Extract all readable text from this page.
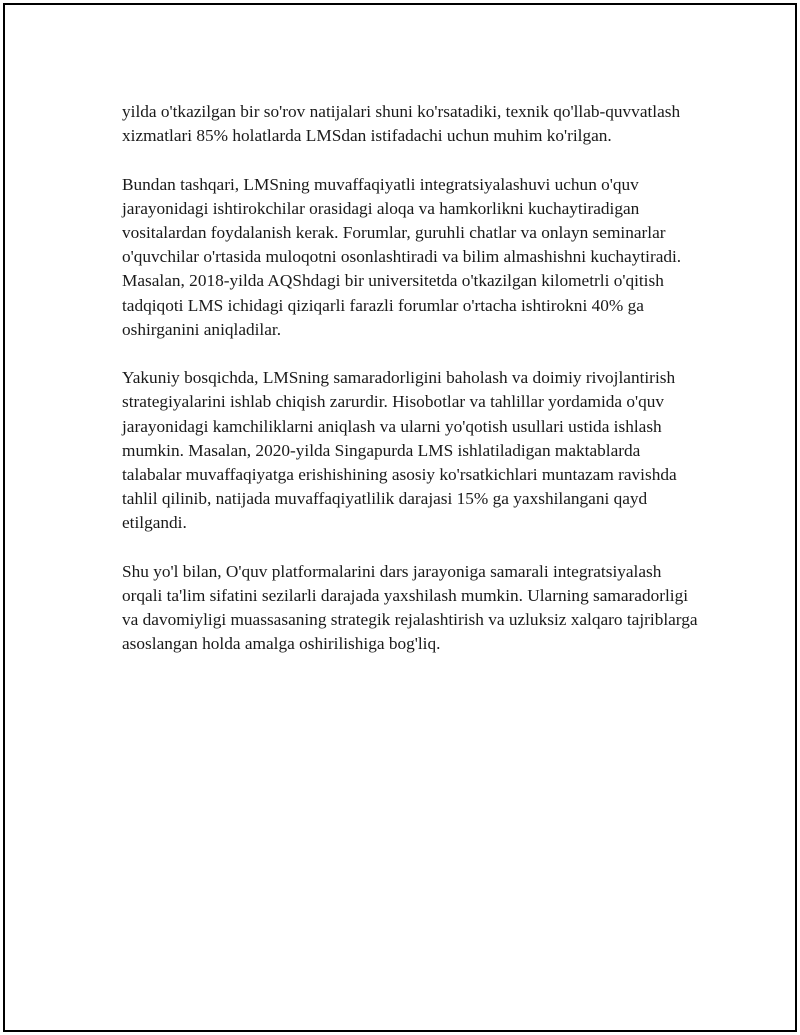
yilda o'tkazilgan bir so'rov natijalari shuni ko'rsatadiki, texnik qo'llab-quvvatlash xizmatlari 85% holatlarda LMSdan istifadachi uchun muhim ko'rilgan.

Bundan tashqari, LMSning muvaffaqiyatli integratsiyalashuvi uchun o'quv jarayonidagi ishtirokchilar orasidagi aloqa va hamkorlikni kuchaytiradigan vositalardan foydalanish kerak. Forumlar, guruhli chatlar va onlayn seminarlar o'quvchilar o'rtasida muloqotni osonlashtiradi va bilim almashishni kuchaytiradi. Masalan, 2018-yilda AQShdagi bir universitetda o'tkazilgan kilometrli o'qitish tadqiqoti LMS ichidagi qiziqarli farazli forumlar o'rtacha ishtirokni 40% ga oshirganini aniqladilar.

Yakuniy bosqichda, LMSning samaradorligini baholash va doimiy rivojlantirish strategiyalarini ishlab chiqish zarurdir. Hisobotlar va tahlillar yordamida o'quv jarayonidagi kamchiliklarni aniqlash va ularni yo'qotish usullari ustida ishlash mumkin. Masalan, 2020-yilda Singapurda LMS ishlatiladigan maktablarda talabalar muvaffaqiyatga erishishining asosiy ko'rsatkichlari muntazam ravishda tahlil qilinib, natijada muvaffaqiyatlilik darajasi 15% ga yaxshilangani qayd etilgandi.

Shu yo'l bilan, O'quv platformalarini dars jarayoniga samarali integratsiyalash orqali ta'lim sifatini sezilarli darajada yaxshilash mumkin. Ularning samaradorligi va davomiyligi muassasaning strategik rejalashtirish va uzluksiz xalqaro tajriblarga asoslangan holda amalga oshirilishiga bog'liq.
